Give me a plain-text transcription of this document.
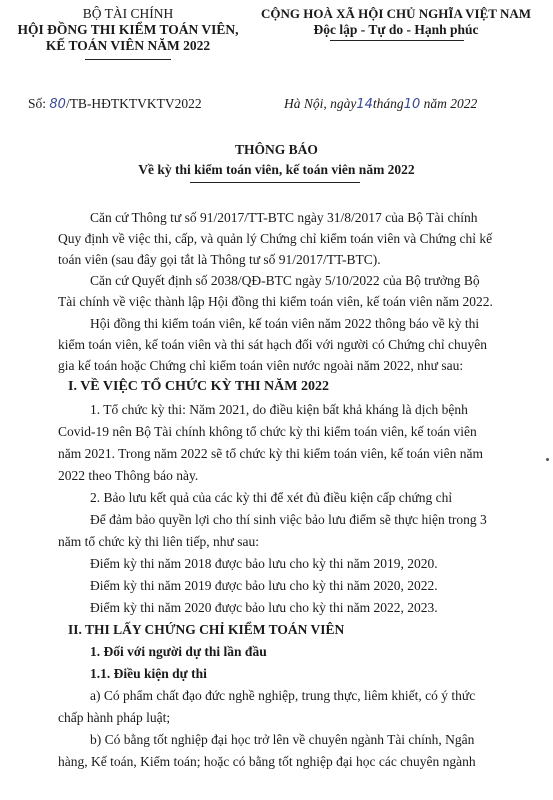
BỘ TÀI CHÍNH
HỘI ĐỒNG THI KIỂM TOÁN VIÊN,
KẾ TOÁN VIÊN NĂM 2022
CỘNG HOÀ XÃ HỘI CHỦ NGHĨA VIỆT NAM
Độc lập - Tự do - Hạnh phúc
Số: 80/TB-HĐTKTVKTV2022	Hà Nội, ngày14tháng10 năm 2022
THÔNG BÁO
Về kỳ thi kiểm toán viên, kế toán viên năm 2022
Căn cứ Thông tư số 91/2017/TT-BTC ngày 31/8/2017 của Bộ Tài chính
Quy định về việc thi, cấp, và quản lý Chứng chỉ kiểm toán viên và Chứng chỉ kế
toán viên (sau đây gọi tắt là Thông tư số 91/2017/TT-BTC).
Căn cứ Quyết định số 2038/QĐ-BTC ngày 5/10/2022 của Bộ trưởng Bộ
Tài chính về việc thành lập Hội đồng thi kiểm toán viên, kế toán viên năm 2022.
Hội đồng thi kiểm toán viên, kế toán viên năm 2022 thông báo về kỳ thi
kiểm toán viên, kế toán viên và thi sát hạch đối với người có Chứng chỉ chuyên
gia kế toán hoặc Chứng chỉ kiểm toán viên nước ngoài năm 2022, như sau:
I. VỀ VIỆC TỔ CHỨC KỲ THI NĂM 2022
1. Tổ chức kỳ thi: Năm 2021, do điều kiện bất khả kháng là dịch bệnh
Covid-19 nên Bộ Tài chính không tổ chức kỳ thi kiểm toán viên, kế toán viên
năm 2021. Trong năm 2022 sẽ tổ chức kỳ thi kiểm toán viên, kế toán viên năm
2022 theo Thông báo này.
2. Bảo lưu kết quả của các kỳ thi để xét đủ điều kiện cấp chứng chỉ
Để đảm bảo quyền lợi cho thí sinh việc bảo lưu điểm sẽ thực hiện trong 3
năm tổ chức kỳ thi liên tiếp, như sau:
Điểm kỳ thi năm 2018 được bảo lưu cho kỳ thi năm 2019, 2020.
Điểm kỳ thi năm 2019 được bảo lưu cho kỳ thi năm 2020, 2022.
Điểm kỳ thi năm 2020 được bảo lưu cho kỳ thi năm 2022, 2023.
II. THI LẤY CHỨNG CHỈ KIỂM TOÁN VIÊN
1. Đối với người dự thi lần đầu
1.1. Điều kiện dự thi
a) Có phẩm chất đạo đức nghề nghiệp, trung thực, liêm khiết, có ý thức
chấp hành pháp luật;
b) Có bằng tốt nghiệp đại học trở lên về chuyên ngành Tài chính, Ngân
hàng, Kế toán, Kiểm toán; hoặc có bằng tốt nghiệp đại học các chuyên ngành
